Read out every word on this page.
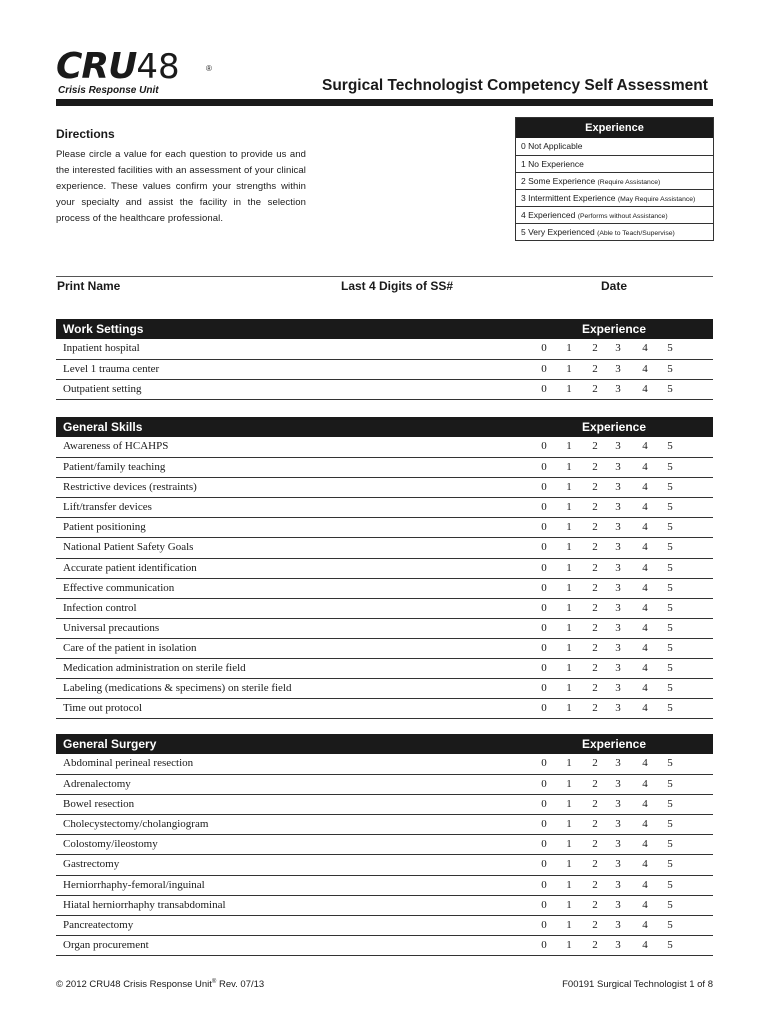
CRU48	®
Crisis Response Unit	Surgical Technologist Competency Self Assessment
Directions
Please circle a value for each question to provide us and the interested facilities with an assessment of your clinical experience. These values confirm your strengths within your specialty and assist the facility in the selection process of the healthcare professional.
Experience
0 Not Applicable
1 No Experience
2 Some Experience (Require Assistance)
3 Intermittent Experience (May Require Assistance)
4 Experienced (Performs without Assistance)
5 Very Experienced (Able to Teach/Supervise)
Print Name	Last 4 Digits of SS#	Date
Work Settings	Experience
Inpatient hospital	0 1 2 3 4 5
Level 1 trauma center	0 1 2 3 4 5
Outpatient setting	0 1 2 3 4 5
General Skills	Experience
Awareness of HCAHPS	0 1 2 3 4 5
Patient/family teaching	0 1 2 3 4 5
Restrictive devices (restraints)	0 1 2 3 4 5
Lift/transfer devices	0 1 2 3 4 5
Patient positioning	0 1 2 3 4 5
National Patient Safety Goals	0 1 2 3 4 5
Accurate patient identification	0 1 2 3 4 5
Effective communication	0 1 2 3 4 5
Infection control	0 1 2 3 4 5
Universal precautions	0 1 2 3 4 5
Care of the patient in isolation	0 1 2 3 4 5
Medication administration on sterile field	0 1 2 3 4 5
Labeling (medications & specimens) on sterile field	0 1 2 3 4 5
Time out protocol	0 1 2 3 4 5
General Surgery	Experience
Abdominal perineal resection	0 1 2 3 4 5
Adrenalectomy	0 1 2 3 4 5
Bowel resection	0 1 2 3 4 5
Cholecystectomy/cholangiogram	0 1 2 3 4 5
Colostomy/ileostomy	0 1 2 3 4 5
Gastrectomy	0 1 2 3 4 5
Herniorrhaphy-femoral/inguinal	0 1 2 3 4 5
Hiatal herniorrhaphy transabdominal	0 1 2 3 4 5
Pancreatectomy	0 1 2 3 4 5
Organ procurement	0 1 2 3 4 5
© 2012 CRU48 Crisis Response Unit® Rev. 07/13	F00191 Surgical Technologist 1 of 8
